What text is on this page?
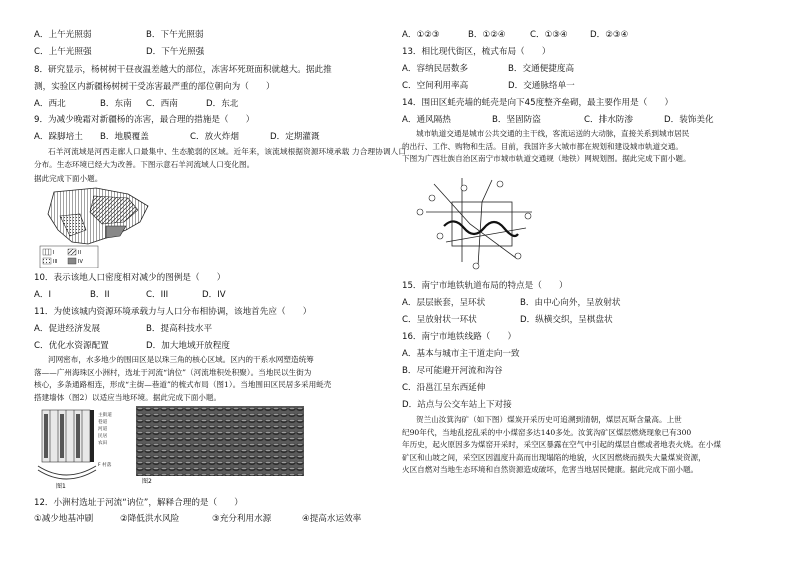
A．上午光照弱	B．下午光照弱
C．上午光照强	D．下午光照强
8．研究显示，杨树树干昼夜温差越大的部位，冻害坏死斑面积就越大。据此推
测，实验区内新疆杨树树干受冻害最严重的部位朝向为（　　）
A．西北	B．东南 C．西南	D．东北
9．为减少晚霜对新疆杨的冻害，最合理的措施是（　　）
A．跺脚培土 B．地膜覆盖	C．放火炸烟	D．定期灌溉
石羊河流域是河西走廊人口最集中、生态脆弱的区域。近年来，该流域根据资源环境承载 力合理协调人口分布。生态环境已经大为改善。下图示意石羊河流域人口变化图。
据此完成下面小题。
I	II
III	IV
10．表示该地人口密度相对减少的图例是（　　）
A．I	B．II	C．III	D．IV
11．为使该城内资源环境承载力与人口分布相协调，该地首先应（　　）
A．促进经济发展	B．提高科技水平
C．优化水资源配置	D．加大地域开放程度
河网密布，水多地少的围田区是以珠三角的核心区域。区内的干系水网塑造统筹
落——广州海珠区小洲村，选址于河流“讷位”（河流堆积处积聚）。当地民以生街为
核心，多条通路相连，形成“主街—巷道”的梳式布局（图1）。当地围田区民居多采用蚝壳
搭建墙体（图2）以适应当地环境。据此完成下面小题。
主街道
巷道
河道
民居
农田
F 村落
图1
图2
12．小洲村选址于河流“讷位”，解释合理的是（　　）
①减少地基冲刷	②降低洪水风险	③充分利用水源	④提高水运效率
A．①②③	B．①②④	C．①③④	D．②③④
13．相比现代街区，梳式布局（　　）
A．容纳民居数多	B．交通便捷度高
C．空间利用率高	D．交通脉络单一
14．围田区蚝壳墙的蚝壳是向下45度整齐垒砌，最主要作用是（　　）
A．通风隔热	B．坚固防盗	C．排水防渗	D．装饰美化
城市轨道交通是城市公共交通的主干线，客流运送的大动脉，直接关系到城市居民
的出行、工作、购物和生活。目前，我国许多大城市都在规划和建设城市轨道交通。
下图为广西壮族自治区南宁市城市轨道交通规（地铁）网规划图。据此完成下面小题。
15．南宁市地铁轨道布局的特点是（　　）
A．层层嵌套，呈环状	B．由中心向外，呈放射状
C．呈放射状一环状	D．纵横交织，呈棋盘状
16．南宁市地铁线路（　　）
A．基本与城市主干道走向一致
B．尽可能避开河流和沟谷
C．沿邕江呈东西延伸
D．站点与公交车站上下对接
贺兰山汝箕沟矿（如下图）煤炭开采历史可追溯到清朝，煤层瓦斯含量高。上世
纪90年代，当地乱挖乱采的中小煤窑多达140多处。汝箕沟矿区煤层燃烧现象已有300
年历史，起火原因多为煤窑开采时，采空区暴露在空气中引起的煤层自燃或者地表火烧。在小煤
矿区和山坡之间，采空区因温度升高而出现塌陷的地貌，火区因燃烧而损失大量煤炭资源，
火区自燃对当地生态环境和自然资源造成破坏，危害当地居民健康。据此完成下面小题。
